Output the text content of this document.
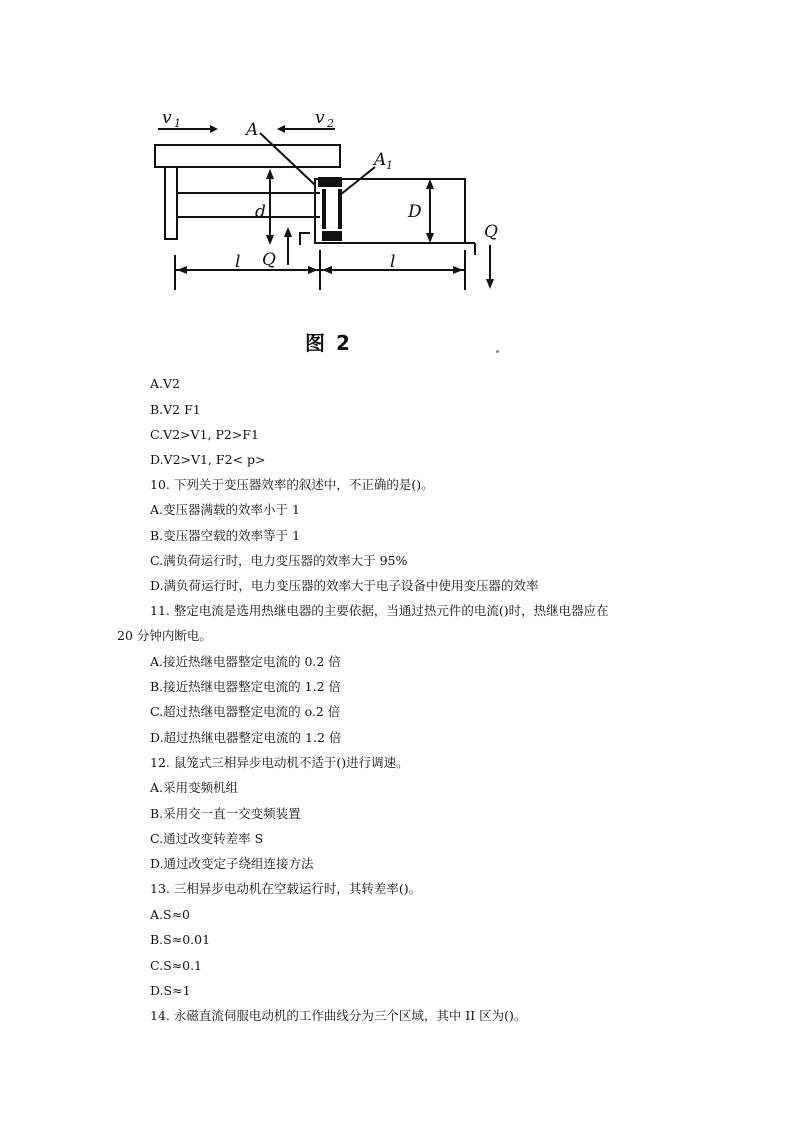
v 1	v 2
A
A 1
d	D
Q
Q
l	l
图 2
A.V2
B.V2 F1
C.V2>V1, P2>F1
D.V2>V1, F2< p>
10. 下列关于变压器效率的叙述中，不正确的是()。
A.变压器满载的效率小于 1
B.变压器空载的效率等于 1
C.满负荷运行时，电力变压器的效率大于 95%
D.满负荷运行时，电力变压器的效率大于电子设备中使用变压器的效率
11. 整定电流是选用热继电器的主要依据，当通过热元件的电流()时，热继电器应在
20 分钟内断电。
A.接近热继电器整定电流的 0.2 倍
B.接近热继电器整定电流的 1.2 倍
C.超过热继电器整定电流的 o.2 倍
D.超过热继电器整定电流的 1.2 倍
12. 鼠笼式三相异步电动机不适于()进行调速。
A.采用变频机组
B.采用交一直一交变频装置
C.通过改变转差率 S
D.通过改变定子绕组连接方法
13. 三相异步电动机在空载运行时，其转差率()。
A.S≈0
B.S≈0.01
C.S≈0.1
D.S≈1
14. 永磁直流伺服电动机的工作曲线分为三个区域，其中 II 区为()。
